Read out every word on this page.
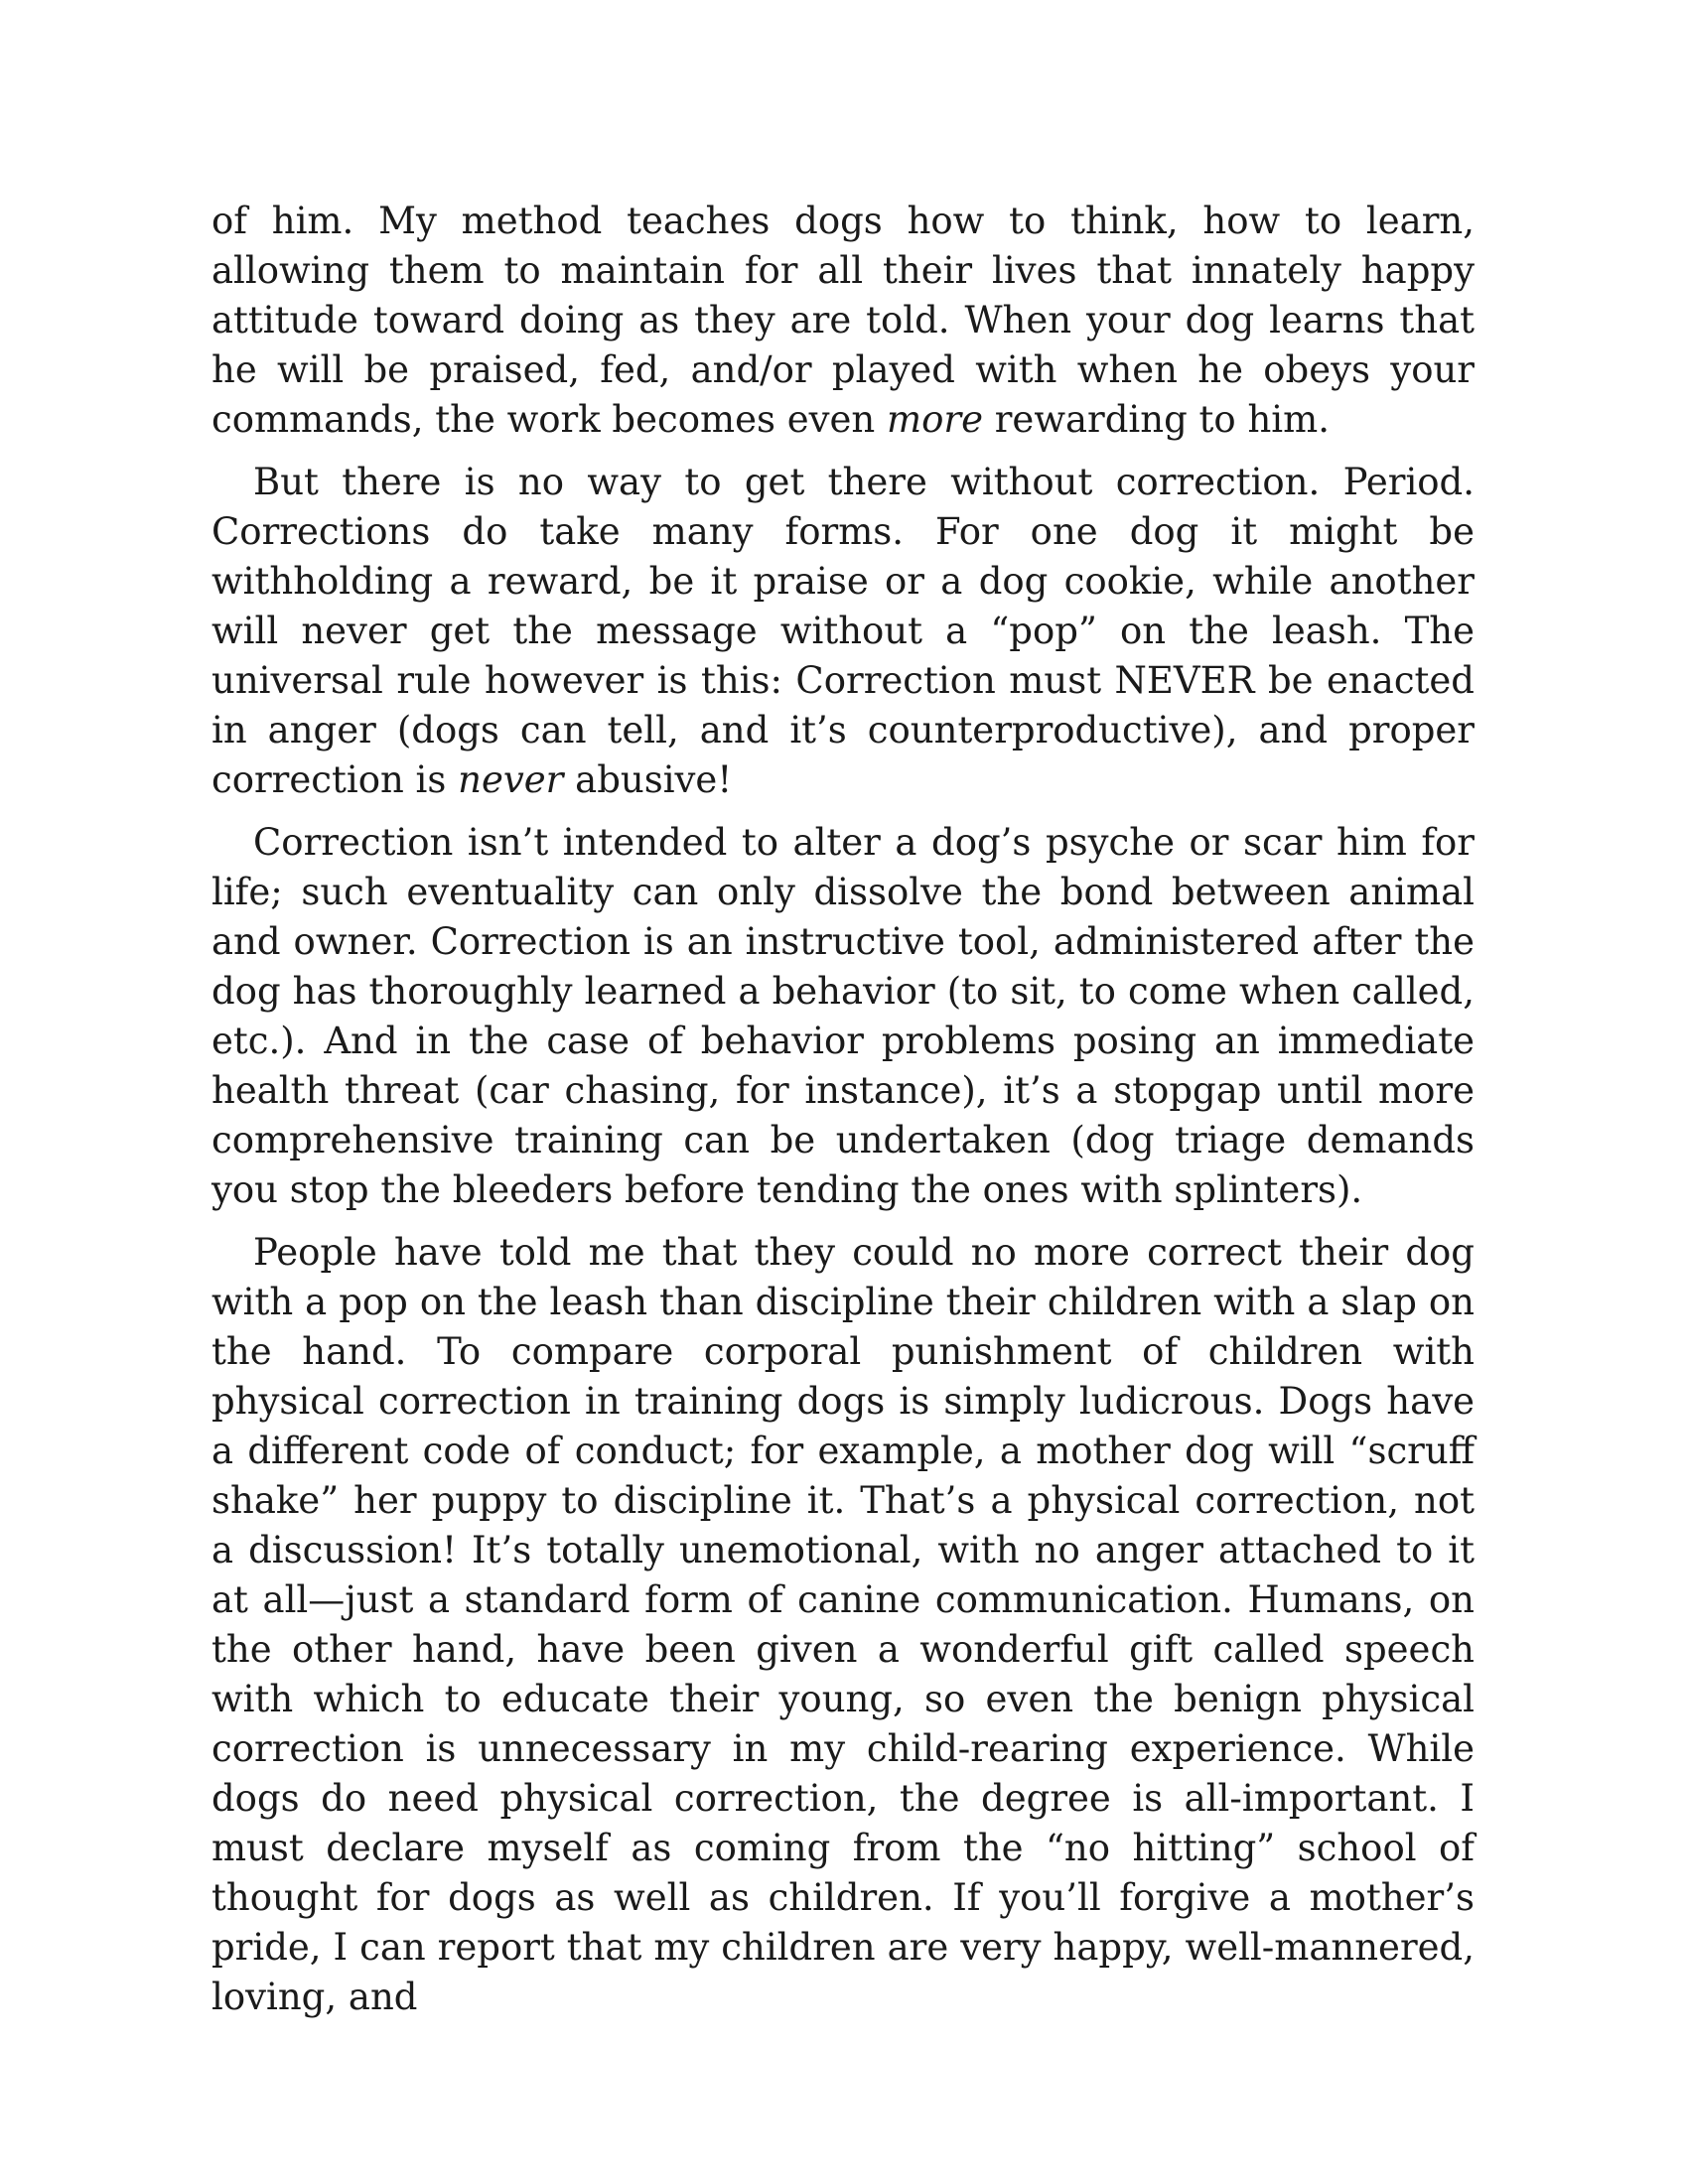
of him. My method teaches dogs how to think, how to learn, allowing them to maintain for all their lives that innately happy attitude toward doing as they are told. When your dog learns that he will be praised, fed, and/or played with when he obeys your commands, the work becomes even more rewarding to him.

But there is no way to get there without correction. Period. Corrections do take many forms. For one dog it might be withholding a reward, be it praise or a dog cookie, while another will never get the message without a “pop” on the leash. The universal rule however is this: Correction must NEVER be enacted in anger (dogs can tell, and it’s counterproductive), and proper correction is never abusive!

Correction isn’t intended to alter a dog’s psyche or scar him for life; such eventuality can only dissolve the bond between animal and owner. Correction is an instructive tool, administered after the dog has thoroughly learned a behavior (to sit, to come when called, etc.). And in the case of behavior problems posing an immediate health threat (car chasing, for instance), it’s a stopgap until more comprehensive training can be undertaken (dog triage demands you stop the bleeders before tending the ones with splinters).

People have told me that they could no more correct their dog with a pop on the leash than discipline their children with a slap on the hand. To compare corporal punishment of children with physical correction in training dogs is simply ludicrous. Dogs have a different code of conduct; for example, a mother dog will “scruff shake” her puppy to discipline it. That’s a physical correction, not a discussion! It’s totally unemotional, with no anger attached to it at all—just a standard form of canine communication. Humans, on the other hand, have been given a wonderful gift called speech with which to educate their young, so even the benign physical correction is unnecessary in my child-rearing experience. While dogs do need physical correction, the degree is all-important. I must declare myself as coming from the “no hitting” school of thought for dogs as well as children. If you’ll forgive a mother’s pride, I can report that my children are very happy, well-mannered, loving, and
